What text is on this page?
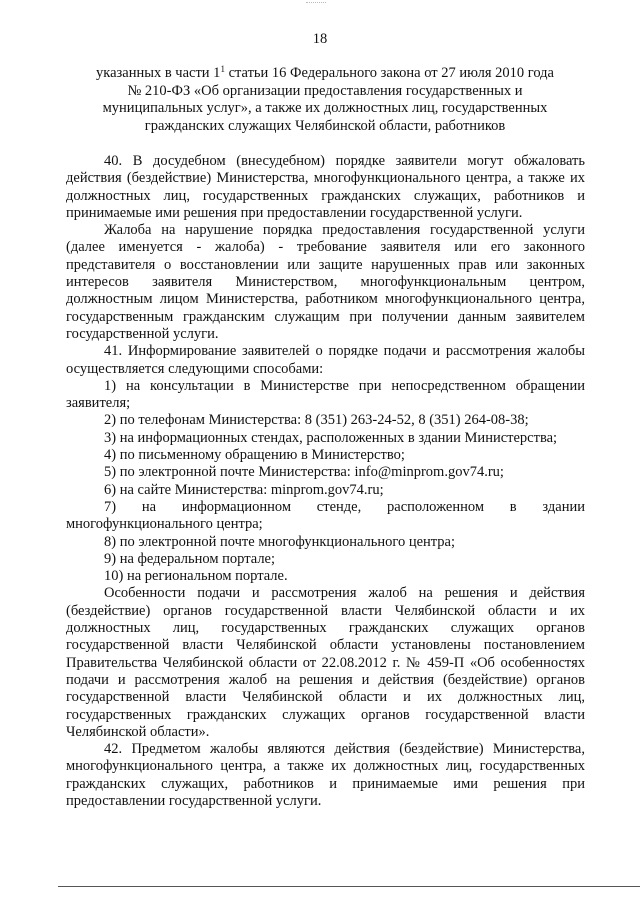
18
указанных в части $1^1$ статьи 16 Федерального закона от 27 июля 2010 года
№ 210-ФЗ «Об организации предоставления государственных и
муниципальных услуг», а также их должностных лиц, государственных
гражданских служащих Челябинской области, работников

40. В досудебном (внесудебном) порядке заявители могут обжаловать действия (бездействие) Министерства, многофункционального центра, а также их должностных лиц, государственных гражданских служащих, работников и принимаемые ими решения при предоставлении государственной услуги.

Жалоба на нарушение порядка предоставления государственной услуги (далее именуется - жалоба) - требование заявителя или его законного представителя о восстановлении или защите нарушенных прав или законных интересов заявителя Министерством, многофункциональным центром, должностным лицом Министерства, работником многофункционального центра, государственным гражданским служащим при получении данным заявителем государственной услуги.

41. Информирование заявителей о порядке подачи и рассмотрения жалобы осуществляется следующими способами:

1) на консультации в Министерстве при непосредственном обращении заявителя;

2) по телефонам Министерства: 8 (351) 263-24-52, 8 (351) 264-08-38;

3) на информационных стендах, расположенных в здании Министерства;

4) по письменному обращению в Министерство;

5) по электронной почте Министерства: info@minprom.gov74.ru;

6) на сайте Министерства: minprom.gov74.ru;

7) на информационном стенде, расположенном в здании многофункционального центра;

8) по электронной почте многофункционального центра;

9) на федеральном портале;

10) на региональном портале.

Особенности подачи и рассмотрения жалоб на решения и действия (бездействие) органов государственной власти Челябинской области и их должностных лиц, государственных гражданских служащих органов государственной власти Челябинской области установлены постановлением Правительства Челябинской области от 22.08.2012 г. № 459-П «Об особенностях подачи и рассмотрения жалоб на решения и действия (бездействие) органов государственной власти Челябинской области и их должностных лиц, государственных гражданских служащих органов государственной власти Челябинской области».

42. Предметом жалобы являются действия (бездействие) Министерства, многофункционального центра, а также их должностных лиц, государственных гражданских служащих, работников и принимаемые ими решения при предоставлении государственной услуги.
